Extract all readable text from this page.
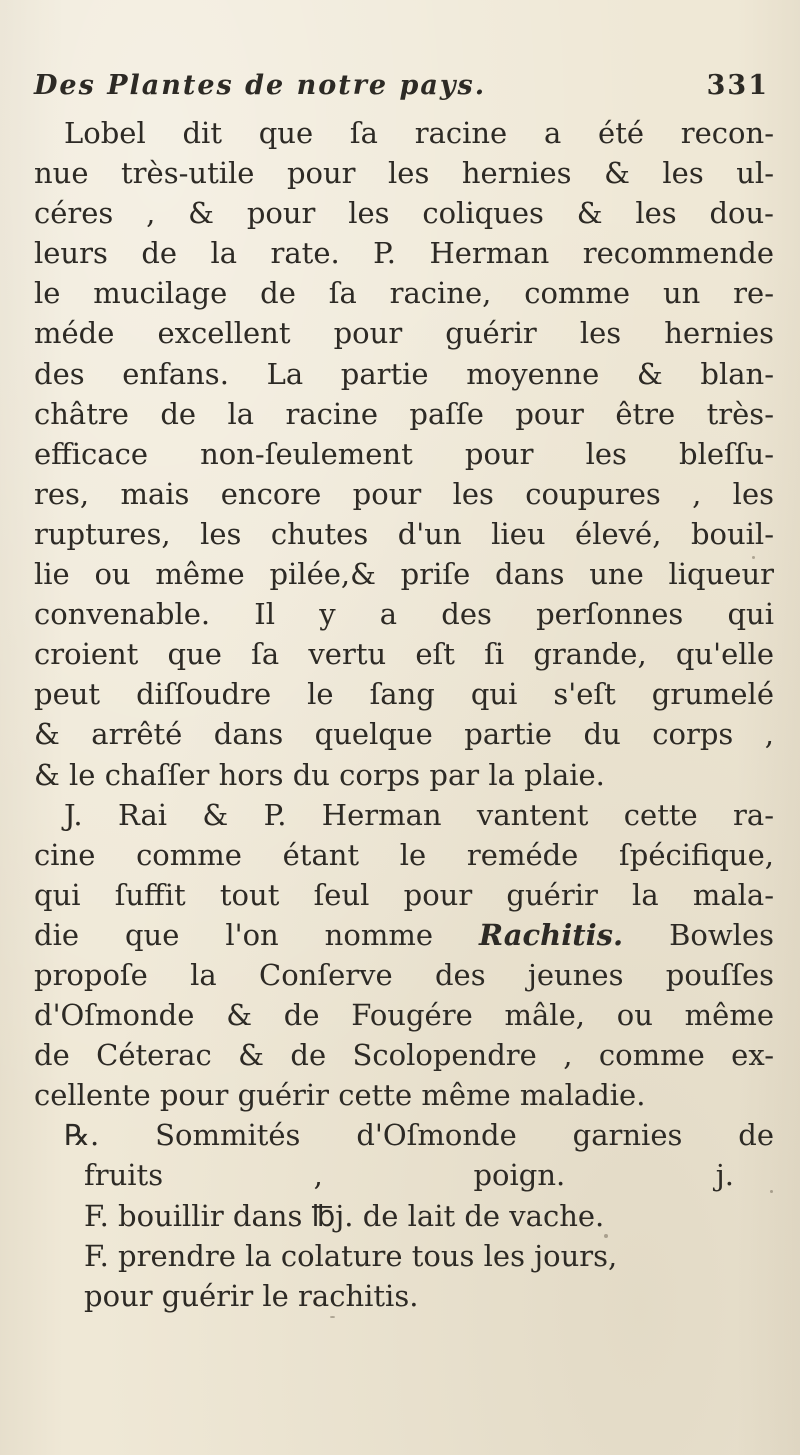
Des Plantes de notre pays.	331
Lobel dit que ſa racine a été recon-
nue très-utile pour les hernies & les ul-
céres , & pour les coliques & les dou-
leurs de la rate. P. Herman recommende
le mucilage de ſa racine, comme un re-
méde excellent pour guérir les hernies
des enfans. La partie moyenne & blan-
châtre de la racine paſſe pour être très-
efficace non-ſeulement pour les bleſſu-
res, mais encore pour les coupures , les
ruptures, les chutes d'un lieu élevé, bouil-
lie ou même pilée,& priſe dans une liqueur
convenable. Il y a des perſonnes qui
croient que ſa vertu eſt ſi grande, qu'elle
peut diſſoudre le ſang qui s'eſt grumelé
& arrêté dans quelque partie du corps ,
& le chaſſer hors du corps par la plaie.
J. Rai & P. Herman vantent cette ra-
cine comme étant le reméde ſpécifique,
qui ſuffit tout ſeul pour guérir la mala-
die que l'on nomme Rachitis. Bowles
propoſe la Conſerve des jeunes pouſſes
d'Oſmonde & de Fougére mâle, ou même
de Céterac & de Scolopendre , comme ex-
cellente pour guérir cette même maladie.
℞. Sommités d'Oſmonde garnies de
fruits ,	poign. j.
F. bouillir dans ℔j. de lait de vache.
F. prendre la colature tous les jours,
pour guérir le rachitis.
